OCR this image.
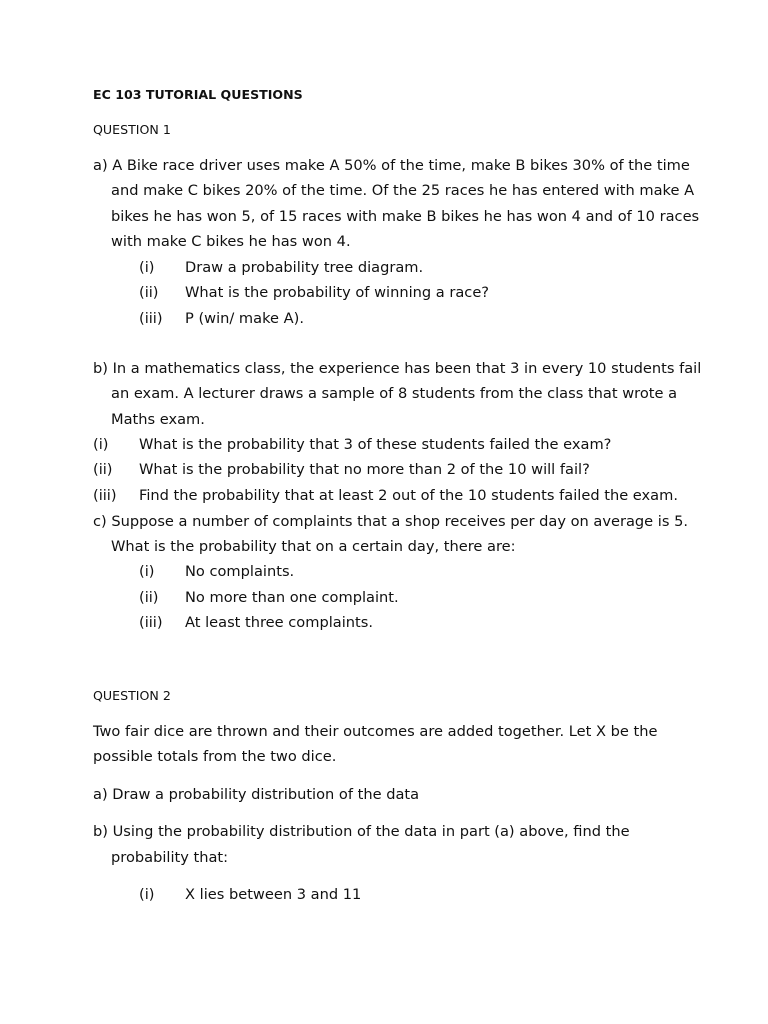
EC 103 TUTORIAL QUESTIONS

QUESTION 1

a) A Bike race driver uses make A 50% of the time, make B bikes 30% of the time

and make C bikes 20% of the time. Of the 25 races he has entered with make A

bikes he has won 5, of 15 races with make B bikes he has won 4 and of 10 races

with make C bikes he has won 4.

(i) Draw a probability tree diagram.

(ii) What is the probability of winning a race?

(iii) P (win/ make A).

b) In a mathematics class, the experience has been that 3 in every 10 students fail

an exam. A lecturer draws a sample of 8 students from the class that wrote a

Maths exam.

(i) What is the probability that 3 of these students failed the exam?

(ii) What is the probability that no more than 2 of the 10 will fail?

(iii) Find the probability that at least 2 out of the 10 students failed the exam.

c) Suppose a number of complaints that a shop receives per day on average is 5.

What is the probability that on a certain day, there are:

(i) No complaints.

(ii) No more than one complaint.

(iii) At least three complaints.

QUESTION 2

Two fair dice are thrown and their outcomes are added together. Let X be the

possible totals from the two dice.

a) Draw a probability distribution of the data

b) Using the probability distribution of the data in part (a) above, find the

probability that:

(i) X lies between 3 and 11
